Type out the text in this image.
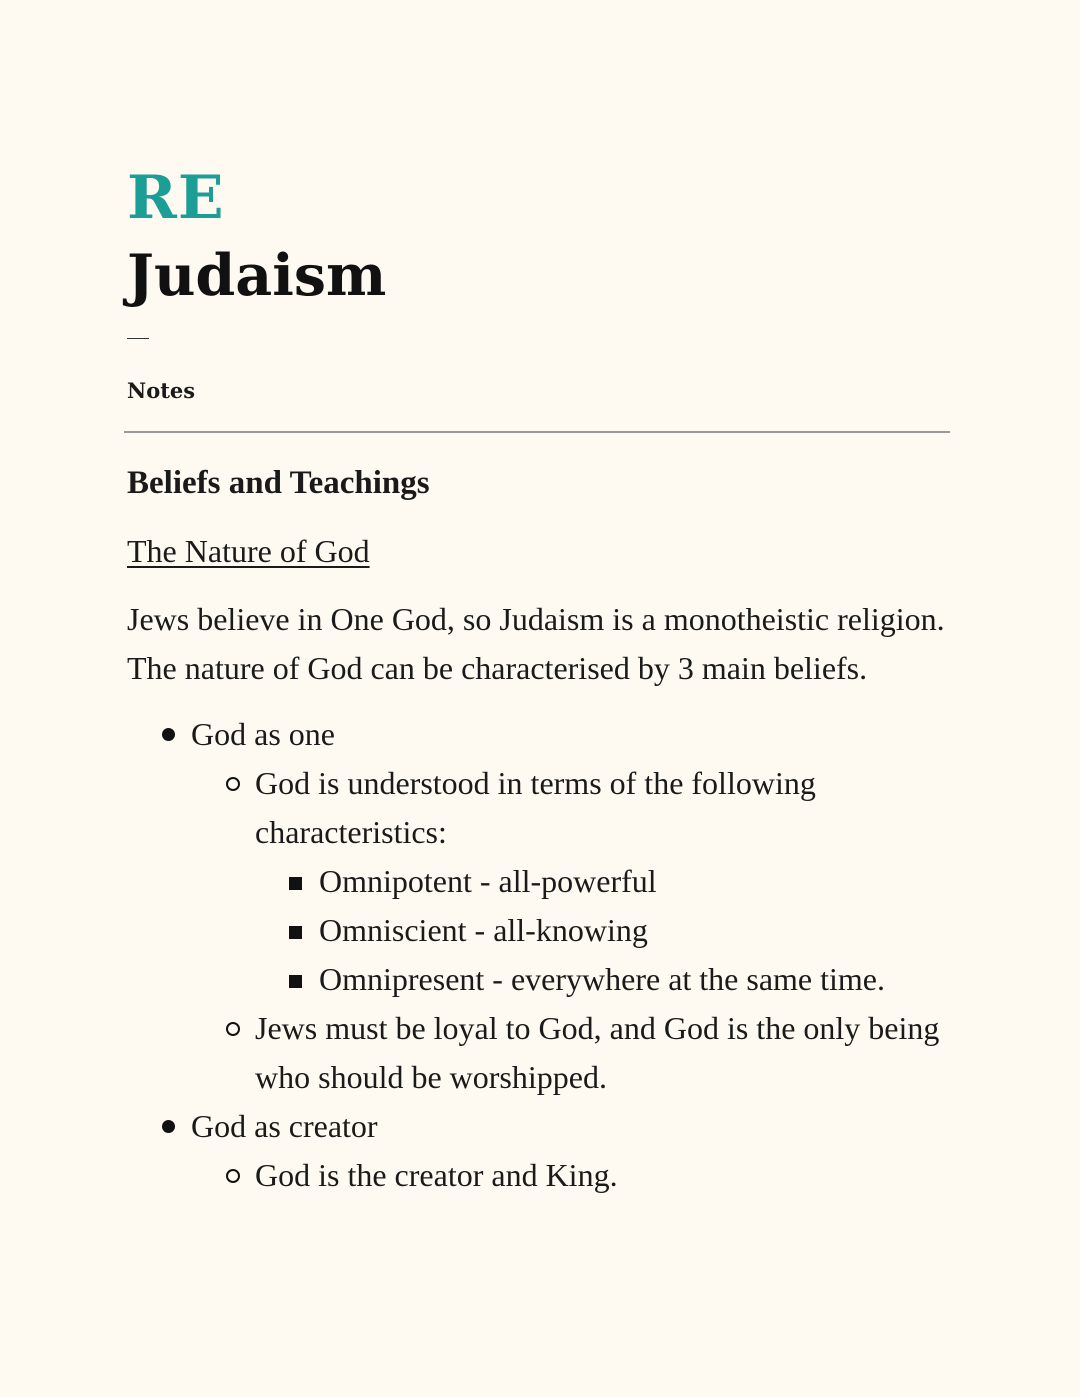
RE
Judaism
Notes
Beliefs and Teachings
The Nature of God
Jews believe in One God, so Judaism is a monotheistic religion. The nature of God can be characterised by 3 main beliefs.
God as one
God is understood in terms of the following characteristics:
Omnipotent - all-powerful
Omniscient - all-knowing
Omnipresent - everywhere at the same time.
Jews must be loyal to God, and God is the only being who should be worshipped.
God as creator
God is the creator and King.
